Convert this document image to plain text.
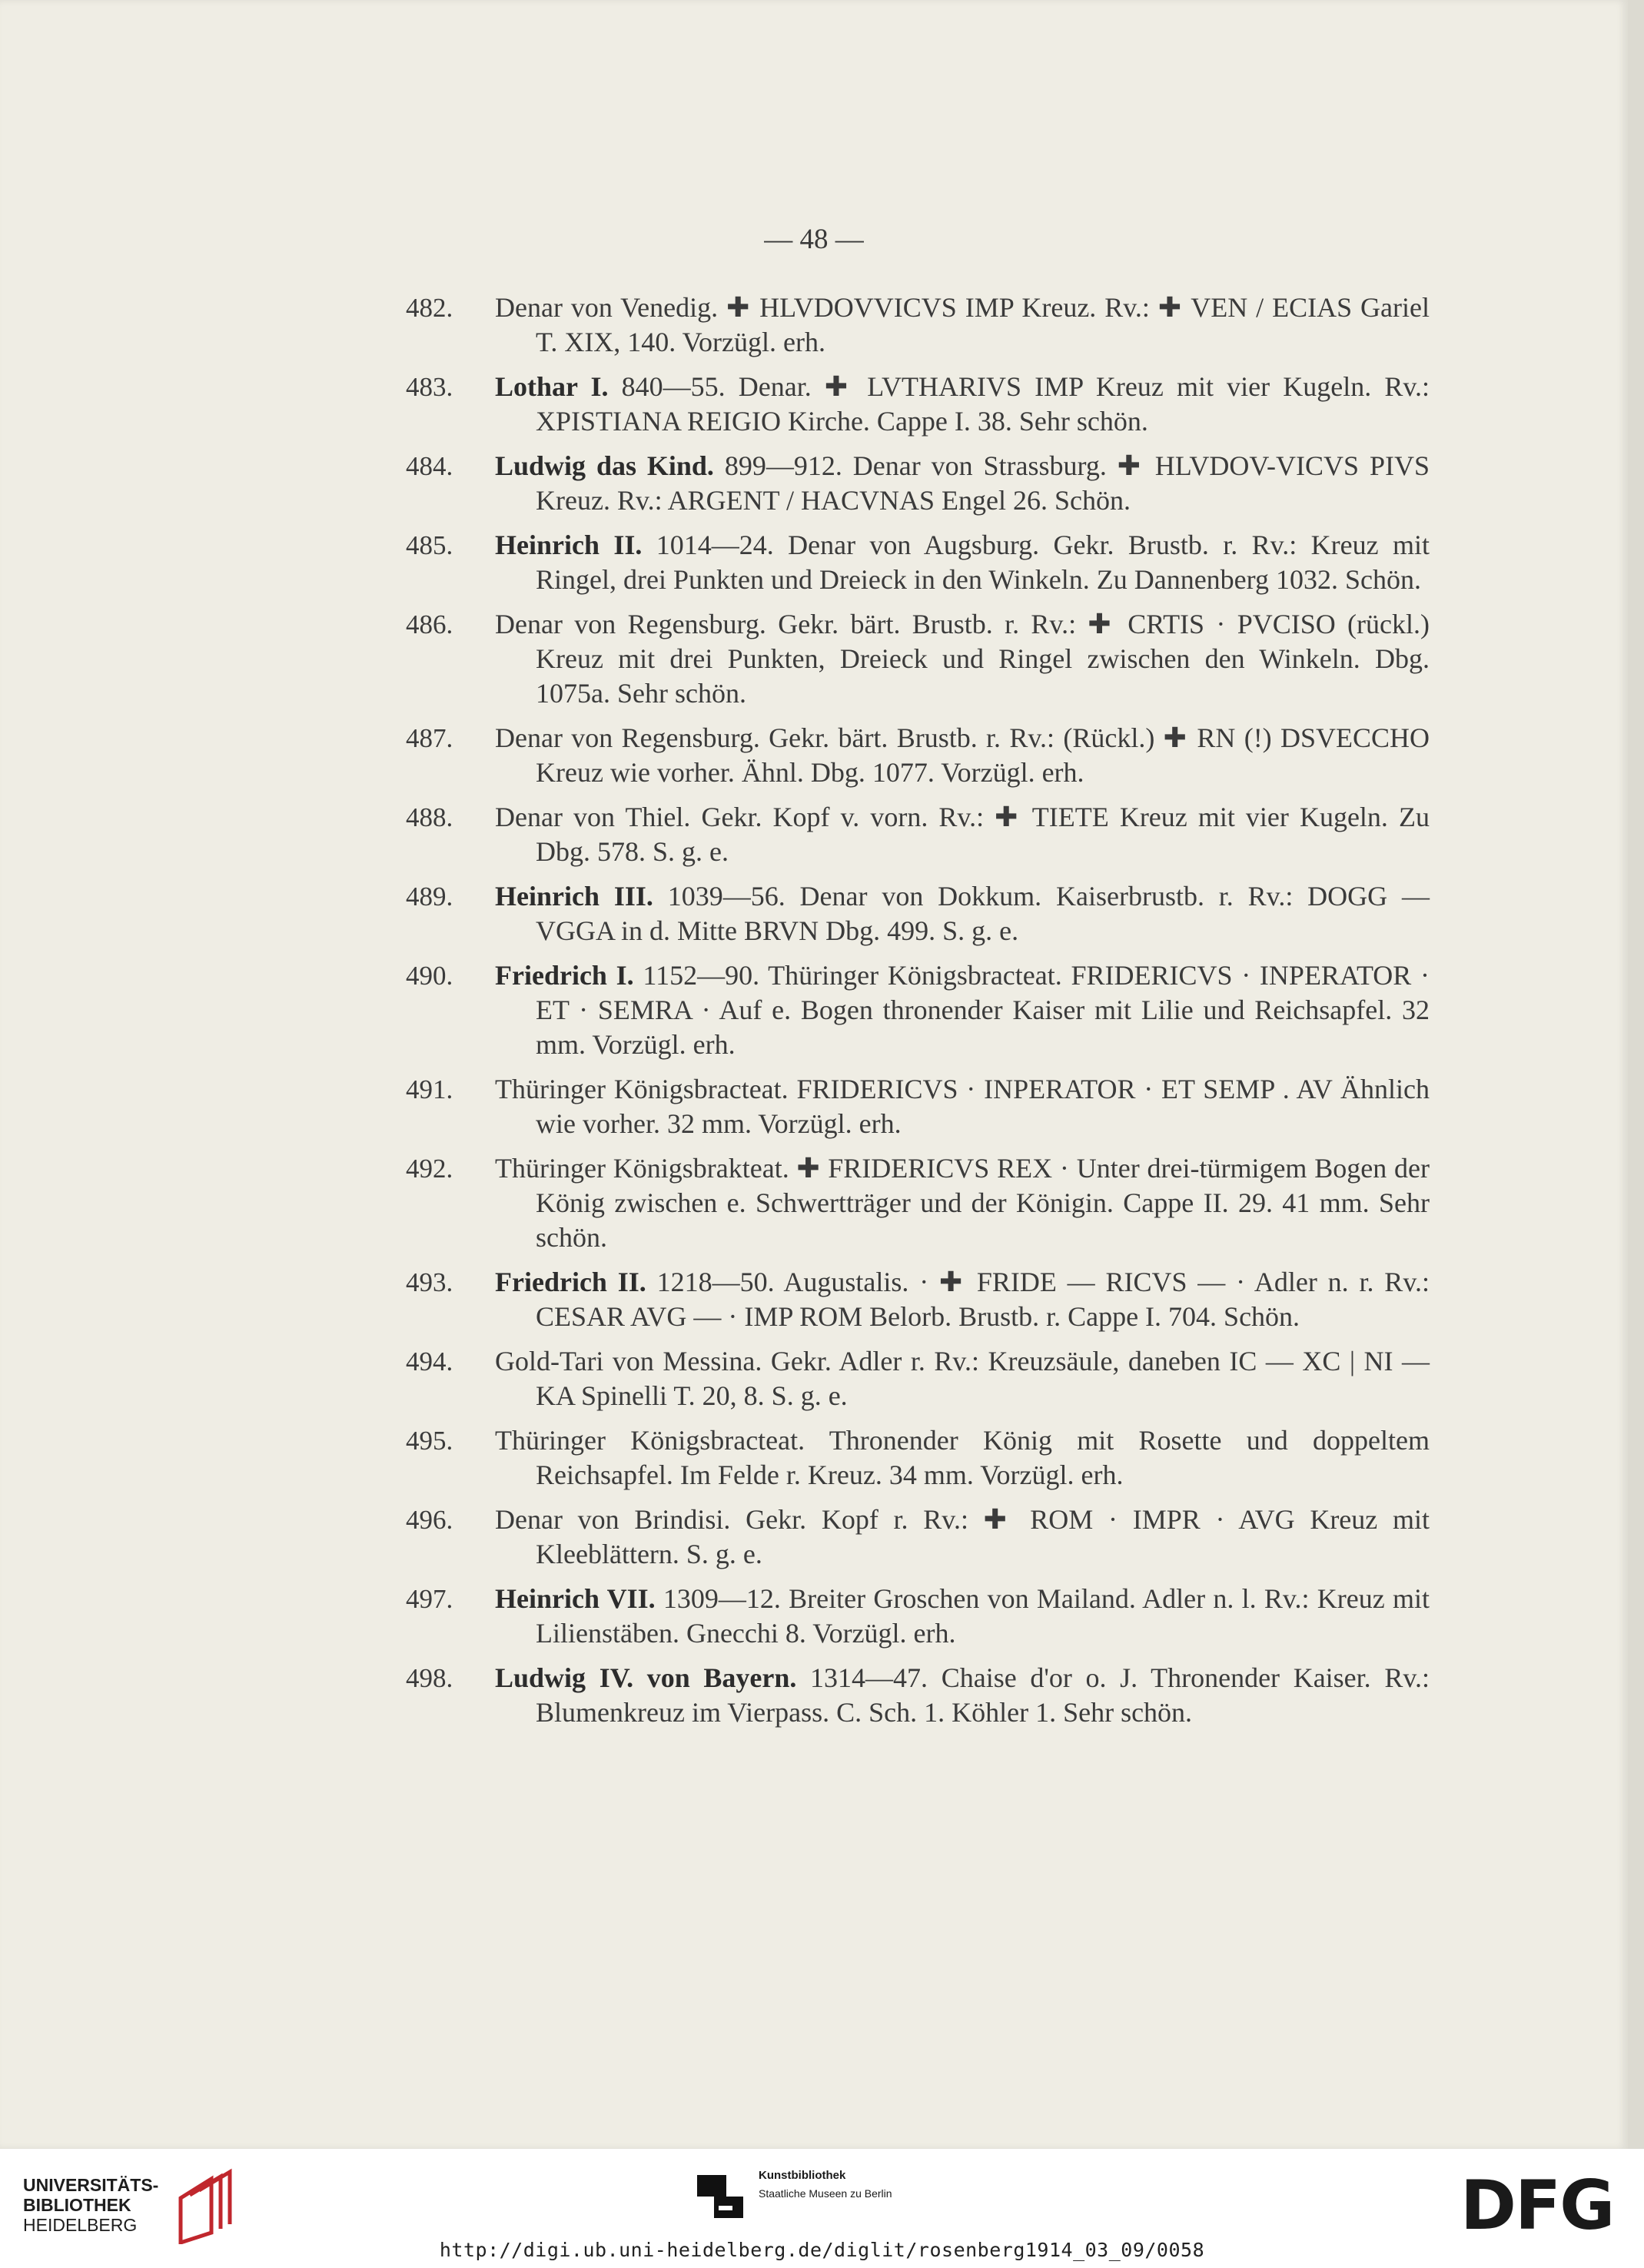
— 48 —
482. Denar von Venedig. ✚ HLVDOVVICVS IMP Kreuz. Rv.: ✚ VEN / ECIAS Gariel T. XIX, 140. Vorzügl. erh.
483. Lothar I. 840—55. Denar. ✚ LVTHARIVS IMP Kreuz mit vier Kugeln. Rv.: XPISTIANA REIGIO Kirche. Cappe I. 38. Sehr schön.
484. Ludwig das Kind. 899—912. Denar von Strassburg. ✚ HLVDOV-VICVS PIVS Kreuz. Rv.: ARGENT / HACVNAS Engel 26. Schön.
485. Heinrich II. 1014—24. Denar von Augsburg. Gekr. Brustb. r. Rv.: Kreuz mit Ringel, drei Punkten und Dreieck in den Winkeln. Zu Dannenberg 1032. Schön.
486. Denar von Regensburg. Gekr. bärt. Brustb. r. Rv.: ✚ CRTIS · PVCISO (rückl.) Kreuz mit drei Punkten, Dreieck und Ringel zwischen den Winkeln. Dbg. 1075a. Sehr schön.
487. Denar von Regensburg. Gekr. bärt. Brustb. r. Rv.: (Rückl.) ✚ RN (!) DSVECCHO Kreuz wie vorher. Ähnl. Dbg. 1077. Vorzügl. erh.
488. Denar von Thiel. Gekr. Kopf v. vorn. Rv.: ✚ TIETE Kreuz mit vier Kugeln. Zu Dbg. 578. S. g. e.
489. Heinrich III. 1039—56. Denar von Dokkum. Kaiserbrustb. r. Rv.: DOGG — VGGA in d. Mitte BRVN Dbg. 499. S. g. e.
490. Friedrich I. 1152—90. Thüringer Königsbracteat. FRIDERICVS · INPERATOR · ET · SEMRA · Auf e. Bogen thronender Kaiser mit Lilie und Reichsapfel. 32 mm. Vorzügl. erh.
491. Thüringer Königsbracteat. FRIDERICVS · INPERATOR · ET SEMP . AV Ähnlich wie vorher. 32 mm. Vorzügl. erh.
492. Thüringer Königsbrakteat. ✚ FRIDERICVS REX · Unter drei-türmigem Bogen der König zwischen e. Schwertträger und der Königin. Cappe II. 29. 41 mm. Sehr schön.
493. Friedrich II. 1218—50. Augustalis. · ✚ FRIDE — RICVS — · Adler n. r. Rv.: CESAR AVG — · IMP ROM Belorb. Brustb. r. Cappe I. 704. Schön.
494. Gold-Tari von Messina. Gekr. Adler r. Rv.: Kreuzsäule, daneben IC — XC | NI — KA Spinelli T. 20, 8. S. g. e.
495. Thüringer Königsbracteat. Thronender König mit Rosette und doppeltem Reichsapfel. Im Felde r. Kreuz. 34 mm. Vorzügl. erh.
496. Denar von Brindisi. Gekr. Kopf r. Rv.: ✚ ROM · IMPR · AVG Kreuz mit Kleeblättern. S. g. e.
497. Heinrich VII. 1309—12. Breiter Groschen von Mailand. Adler n. l. Rv.: Kreuz mit Lilienstäben. Gnecchi 8. Vorzügl. erh.
498. Ludwig IV. von Bayern. 1314—47. Chaise d'or o. J. Thronender Kaiser. Rv.: Blumenkreuz im Vierpass. C. Sch. 1. Köhler 1. Sehr schön.
UNIVERSITÄTS-
BIBLIOTHEK
HEIDELBERG
Kunstbibliothek
Staatliche Museen zu Berlin	DFG
http://digi.ub.uni-heidelberg.de/diglit/rosenberg1914_03_09/0058
